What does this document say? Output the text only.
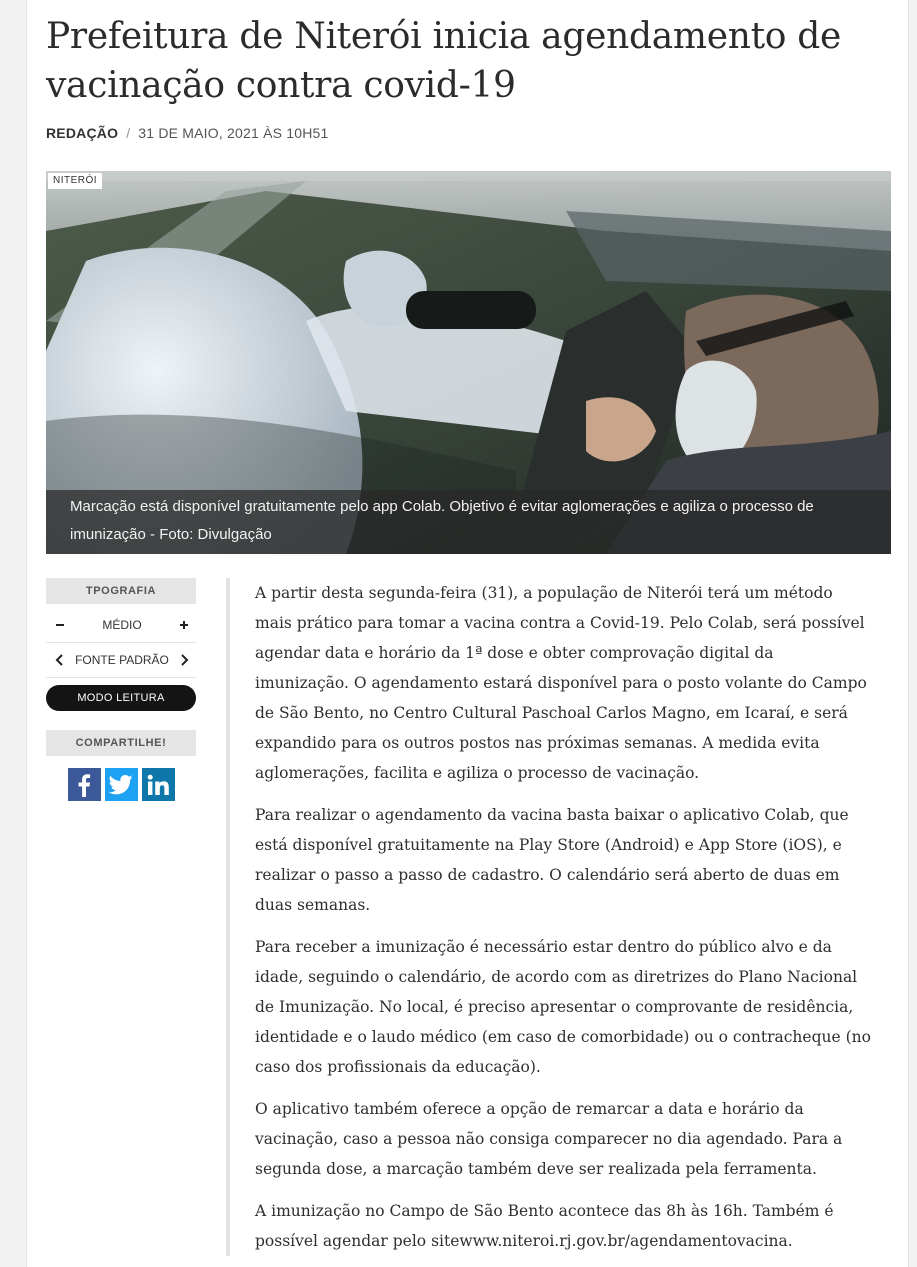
Prefeitura de Niterói inicia agendamento de vacinação contra covid-19
REDAÇÃO / 31 DE MAIO, 2021 ÀS 10H51
NITERÓI
Marcação está disponível gratuitamente pelo app Colab. Objetivo é evitar aglomerações e agiliza o processo de imunização - Foto: Divulgação
TPOGRAFIA
MÉDIO
FONTE PADRÃO
MODO LEITURA
COMPARTILHE!

A partir desta segunda-feira (31), a população de Niterói terá um método mais prático para tomar a vacina contra a Covid-19. Pelo Colab, será possível agendar data e horário da 1ª dose e obter comprovação digital da imunização. O agendamento estará disponível para o posto volante do Campo de São Bento, no Centro Cultural Paschoal Carlos Magno, em Icaraí, e será expandido para os outros postos nas próximas semanas. A medida evita aglomerações, facilita e agiliza o processo de vacinação.

Para realizar o agendamento da vacina basta baixar o aplicativo Colab, que está disponível gratuitamente na Play Store (Android) e App Store (iOS), e realizar o passo a passo de cadastro. O calendário será aberto de duas em duas semanas.

Para receber a imunização é necessário estar dentro do público alvo e da idade, seguindo o calendário, de acordo com as diretrizes do Plano Nacional de Imunização. No local, é preciso apresentar o comprovante de residência, identidade e o laudo médico (em caso de comorbidade) ou o contracheque (no caso dos profissionais da educação).

O aplicativo também oferece a opção de remarcar a data e horário da vacinação, caso a pessoa não consiga comparecer no dia agendado. Para a segunda dose, a marcação também deve ser realizada pela ferramenta.

A imunização no Campo de São Bento acontece das 8h às 16h. Também é possível agendar pelo sitewww.niteroi.rj.gov.br/agendamentovacina.
